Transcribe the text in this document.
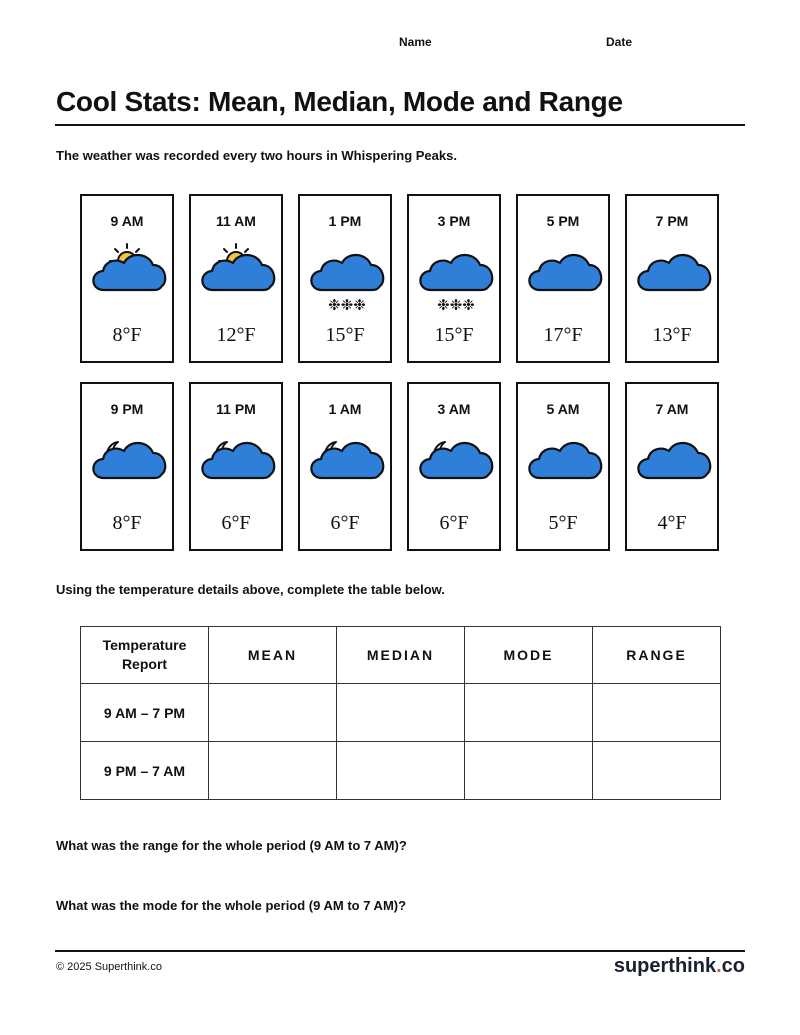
Name	Date
Cool Stats: Mean, Median, Mode and Range
The weather was recorded every two hours in Whispering Peaks.
9 AM
8°F
11 AM
12°F
1 PM
❉❉❉
15°F
3 PM
❉❉❉
15°F
5 PM
17°F
7 PM
13°F
9 PM
8°F
11 PM
6°F
1 AM
6°F
3 AM
6°F
5 AM
5°F
7 AM
4°F
Using the temperature details above, complete the table below.
Temperature
Report	MEAN	MEDIAN	MODE	RANGE
9 AM – 7 PM				
9 PM – 7 AM				
What was the range for the whole period (9 AM to 7 AM)?
What was the mode for the whole period (9 AM to 7 AM)?
© 2025 Superthink.co	superthink.co
